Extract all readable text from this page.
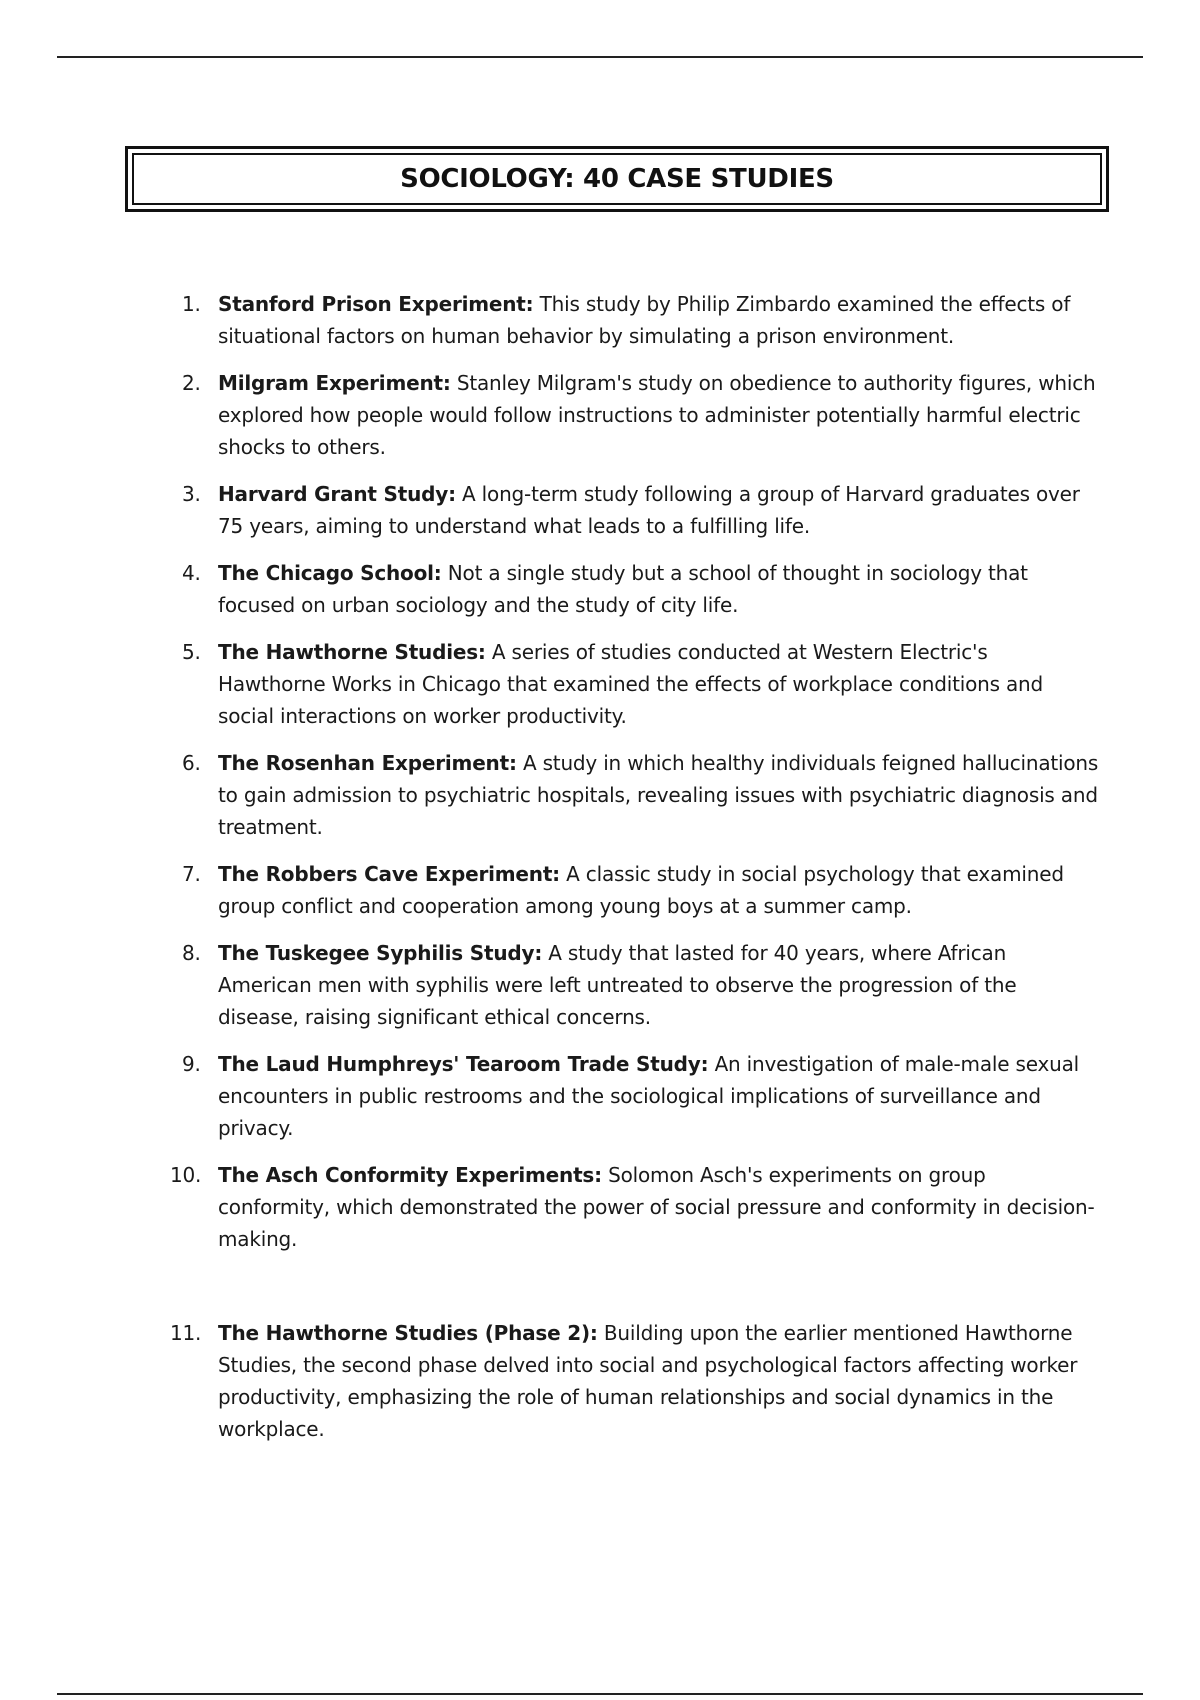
SOCIOLOGY: 40 CASE STUDIES
1. Stanford Prison Experiment: This study by Philip Zimbardo examined the effects of situational factors on human behavior by simulating a prison environment.
2. Milgram Experiment: Stanley Milgram's study on obedience to authority figures, which explored how people would follow instructions to administer potentially harmful electric shocks to others.
3. Harvard Grant Study: A long-term study following a group of Harvard graduates over 75 years, aiming to understand what leads to a fulfilling life.
4. The Chicago School: Not a single study but a school of thought in sociology that focused on urban sociology and the study of city life.
5. The Hawthorne Studies: A series of studies conducted at Western Electric's Hawthorne Works in Chicago that examined the effects of workplace conditions and social interactions on worker productivity.
6. The Rosenhan Experiment: A study in which healthy individuals feigned hallucinations to gain admission to psychiatric hospitals, revealing issues with psychiatric diagnosis and treatment.
7. The Robbers Cave Experiment: A classic study in social psychology that examined group conflict and cooperation among young boys at a summer camp.
8. The Tuskegee Syphilis Study: A study that lasted for 40 years, where African American men with syphilis were left untreated to observe the progression of the disease, raising significant ethical concerns.
9. The Laud Humphreys' Tearoom Trade Study: An investigation of male-male sexual encounters in public restrooms and the sociological implications of surveillance and privacy.
10. The Asch Conformity Experiments: Solomon Asch's experiments on group conformity, which demonstrated the power of social pressure and conformity in decision-making.
11. The Hawthorne Studies (Phase 2): Building upon the earlier mentioned Hawthorne Studies, the second phase delved into social and psychological factors affecting worker productivity, emphasizing the role of human relationships and social dynamics in the workplace.
